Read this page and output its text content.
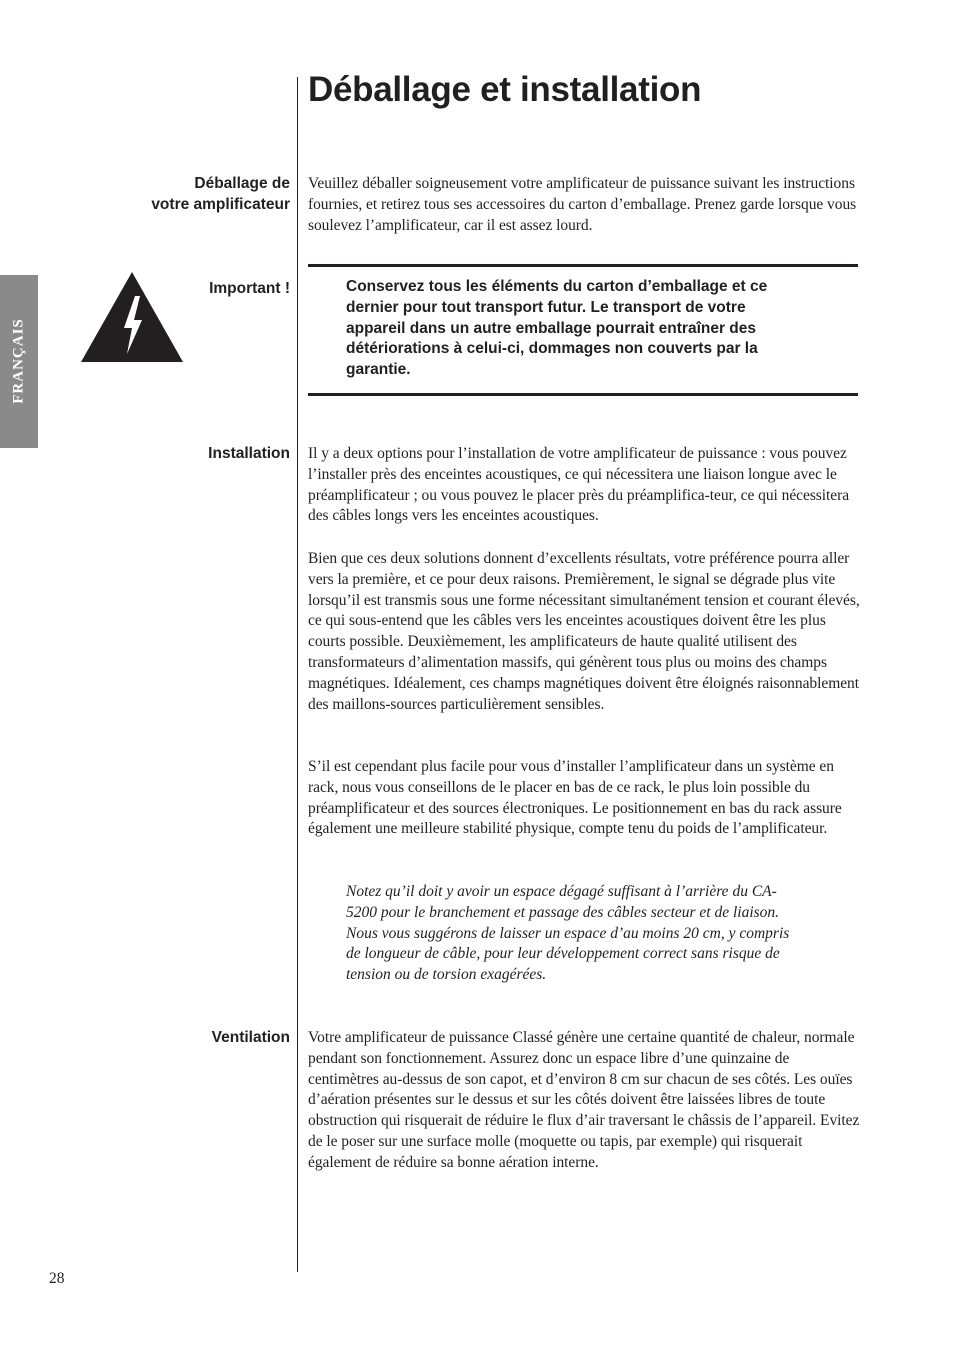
Déballage et installation
FRANÇAIS
Déballage de
votre amplificateur

Veuillez déballer soigneusement votre amplificateur de puissance suivant les instructions fournies, et retirez tous ses accessoires du carton d’emballage. Prenez garde lorsque vous soulevez l’amplificateur, car il est assez lourd.

Important !	Conservez tous les éléments du carton d’emballage et ce dernier pour tout transport futur. Le transport de votre appareil dans un autre emballage pourrait entraîner des détériorations à celui-ci, dommages non couverts par la garantie.

Installation Il y a deux options pour l’installation de votre amplificateur de puissance : vous pouvez l’installer près des enceintes acoustiques, ce qui nécessitera une liaison longue avec le préamplificateur ; ou vous pouvez le placer près du préamplifica-teur, ce qui nécessitera des câbles longs vers les enceintes acoustiques.

Bien que ces deux solutions donnent d’excellents résultats, votre préférence pourra aller vers la première, et ce pour deux raisons. Premièrement, le signal se dégrade plus vite lorsqu’il est transmis sous une forme nécessitant simultanément tension et courant élevés, ce qui sous-entend que les câbles vers les enceintes acoustiques doivent être les plus courts possible. Deuxièmement, les amplificateurs de haute qualité utilisent des transformateurs d’alimentation massifs, qui génèrent tous plus ou moins des champs magnétiques. Idéalement, ces champs magnétiques doivent être éloignés raisonnablement des maillons-sources particulièrement sensibles.

S’il est cependant plus facile pour vous d’installer l’amplificateur dans un système en rack, nous vous conseillons de le placer en bas de ce rack, le plus loin possible du préamplificateur et des sources électroniques. Le positionnement en bas du rack assure également une meilleure stabilité physique, compte tenu du poids de l’amplificateur.

Notez qu’il doit y avoir un espace dégagé suffisant à l’arrière du CA-5200 pour le branchement et passage des câbles secteur et de liaison. Nous vous suggérons de laisser un espace d’au moins 20 cm, y compris de longueur de câble, pour leur développement correct sans risque de tension ou de torsion exagérées.

Ventilation Votre amplificateur de puissance Classé génère une certaine quantité de chaleur, normale pendant son fonctionnement. Assurez donc un espace libre d’une quinzaine de centimètres au-dessus de son capot, et d’environ 8 cm sur chacun de ses côtés. Les ouïes d’aération présentes sur le dessus et sur les côtés doivent être laissées libres de toute obstruction qui risquerait de réduire le flux d’air traversant le châssis de l’appareil. Evitez de le poser sur une surface molle (moquette ou tapis, par exemple) qui risquerait également de réduire sa bonne aération interne.

28
